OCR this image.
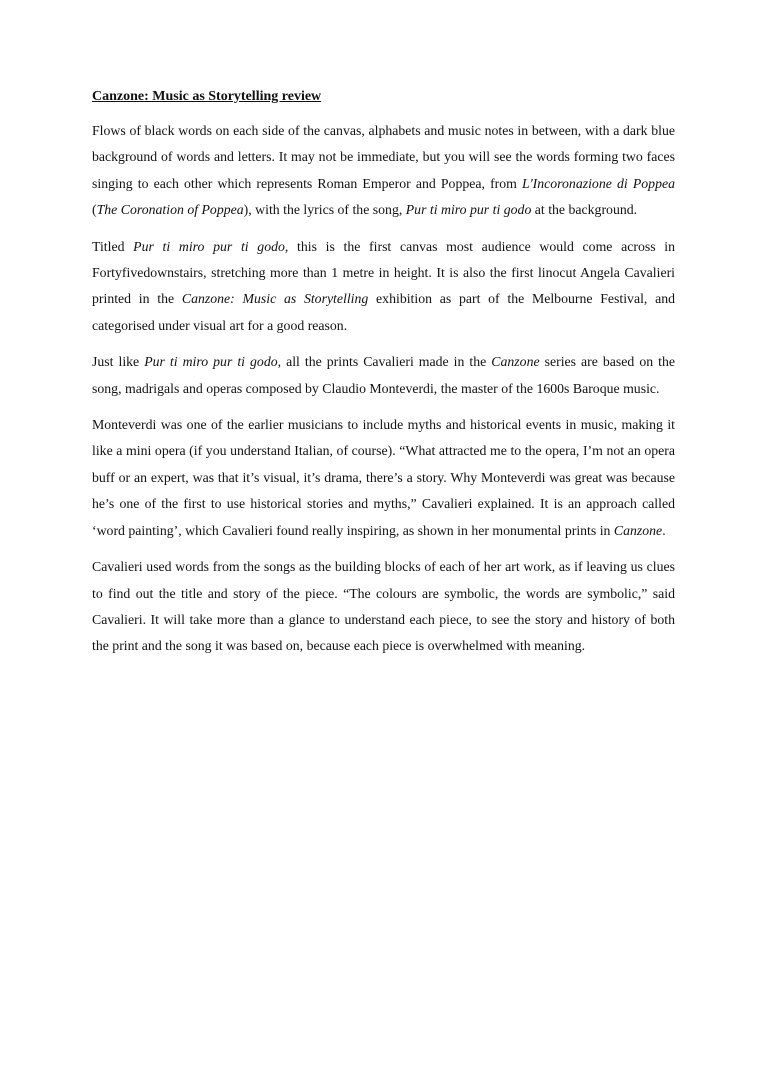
Canzone: Music as Storytelling review

Flows of black words on each side of the canvas, alphabets and music notes in between, with a dark blue background of words and letters. It may not be immediate, but you will see the words forming two faces singing to each other which represents Roman Emperor and Poppea, from L'Incoronazione di Poppea (The Coronation of Poppea), with the lyrics of the song, Pur ti miro pur ti godo at the background.

Titled Pur ti miro pur ti godo, this is the first canvas most audience would come across in Fortyfivedownstairs, stretching more than 1 metre in height. It is also the first linocut Angela Cavalieri printed in the Canzone: Music as Storytelling exhibition as part of the Melbourne Festival, and categorised under visual art for a good reason.

Just like Pur ti miro pur ti godo, all the prints Cavalieri made in the Canzone series are based on the song, madrigals and operas composed by Claudio Monteverdi, the master of the 1600s Baroque music.

Monteverdi was one of the earlier musicians to include myths and historical events in music, making it like a mini opera (if you understand Italian, of course). “What attracted me to the opera, I’m not an opera buff or an expert, was that it’s visual, it’s drama, there’s a story. Why Monteverdi was great was because he’s one of the first to use historical stories and myths,” Cavalieri explained. It is an approach called ‘word painting’, which Cavalieri found really inspiring, as shown in her monumental prints in Canzone.

Cavalieri used words from the songs as the building blocks of each of her art work, as if leaving us clues to find out the title and story of the piece. “The colours are symbolic, the words are symbolic,” said Cavalieri. It will take more than a glance to understand each piece, to see the story and history of both the print and the song it was based on, because each piece is overwhelmed with meaning.
